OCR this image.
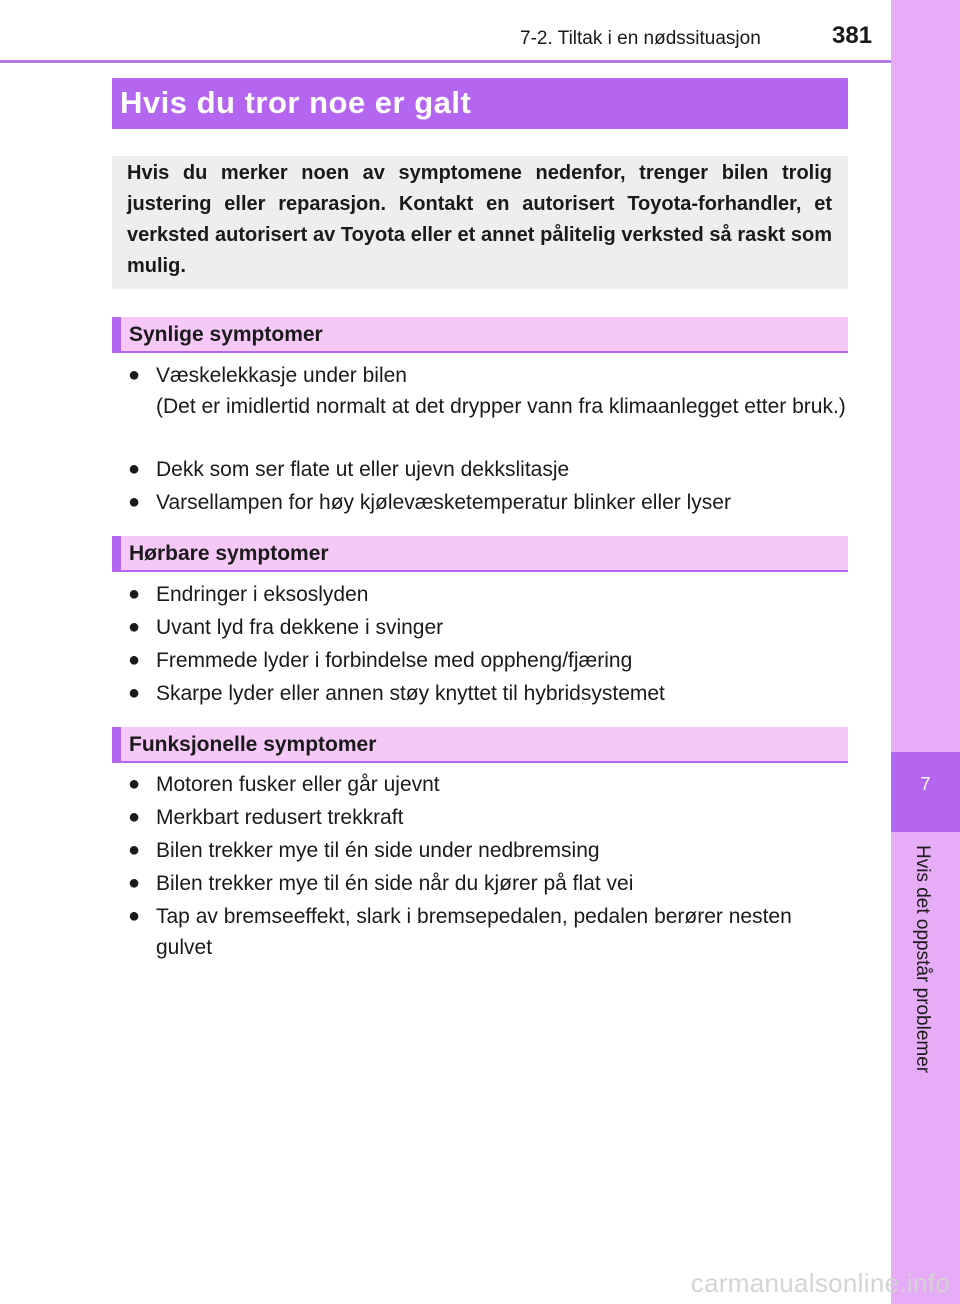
7-2. Tiltak i en nødssituasjon	381
7
Hvis det oppstår problemer
Hvis du tror noe er galt
Hvis du merker noen av symptomene nedenfor, trenger bilen trolig justering eller reparasjon. Kontakt en autorisert Toyota-forhandler, et verksted autorisert av Toyota eller et annet pålitelig verksted så raskt som mulig.
Synlige symptomer
● Væskelekkasje under bilen
(Det er imidlertid normalt at det drypper vann fra klimaanlegget etter bruk.)
● Dekk som ser flate ut eller ujevn dekkslitasje
● Varsellampen for høy kjølevæsketemperatur blinker eller lyser
Hørbare symptomer
● Endringer i eksoslyden
● Uvant lyd fra dekkene i svinger
● Fremmede lyder i forbindelse med oppheng/fjæring
● Skarpe lyder eller annen støy knyttet til hybridsystemet
Funksjonelle symptomer
● Motoren fusker eller går ujevnt
● Merkbart redusert trekkraft
● Bilen trekker mye til én side under nedbremsing
● Bilen trekker mye til én side når du kjører på flat vei
● Tap av bremseeffekt, slark i bremsepedalen, pedalen berører nesten gulvet
carmanualsonline.info
